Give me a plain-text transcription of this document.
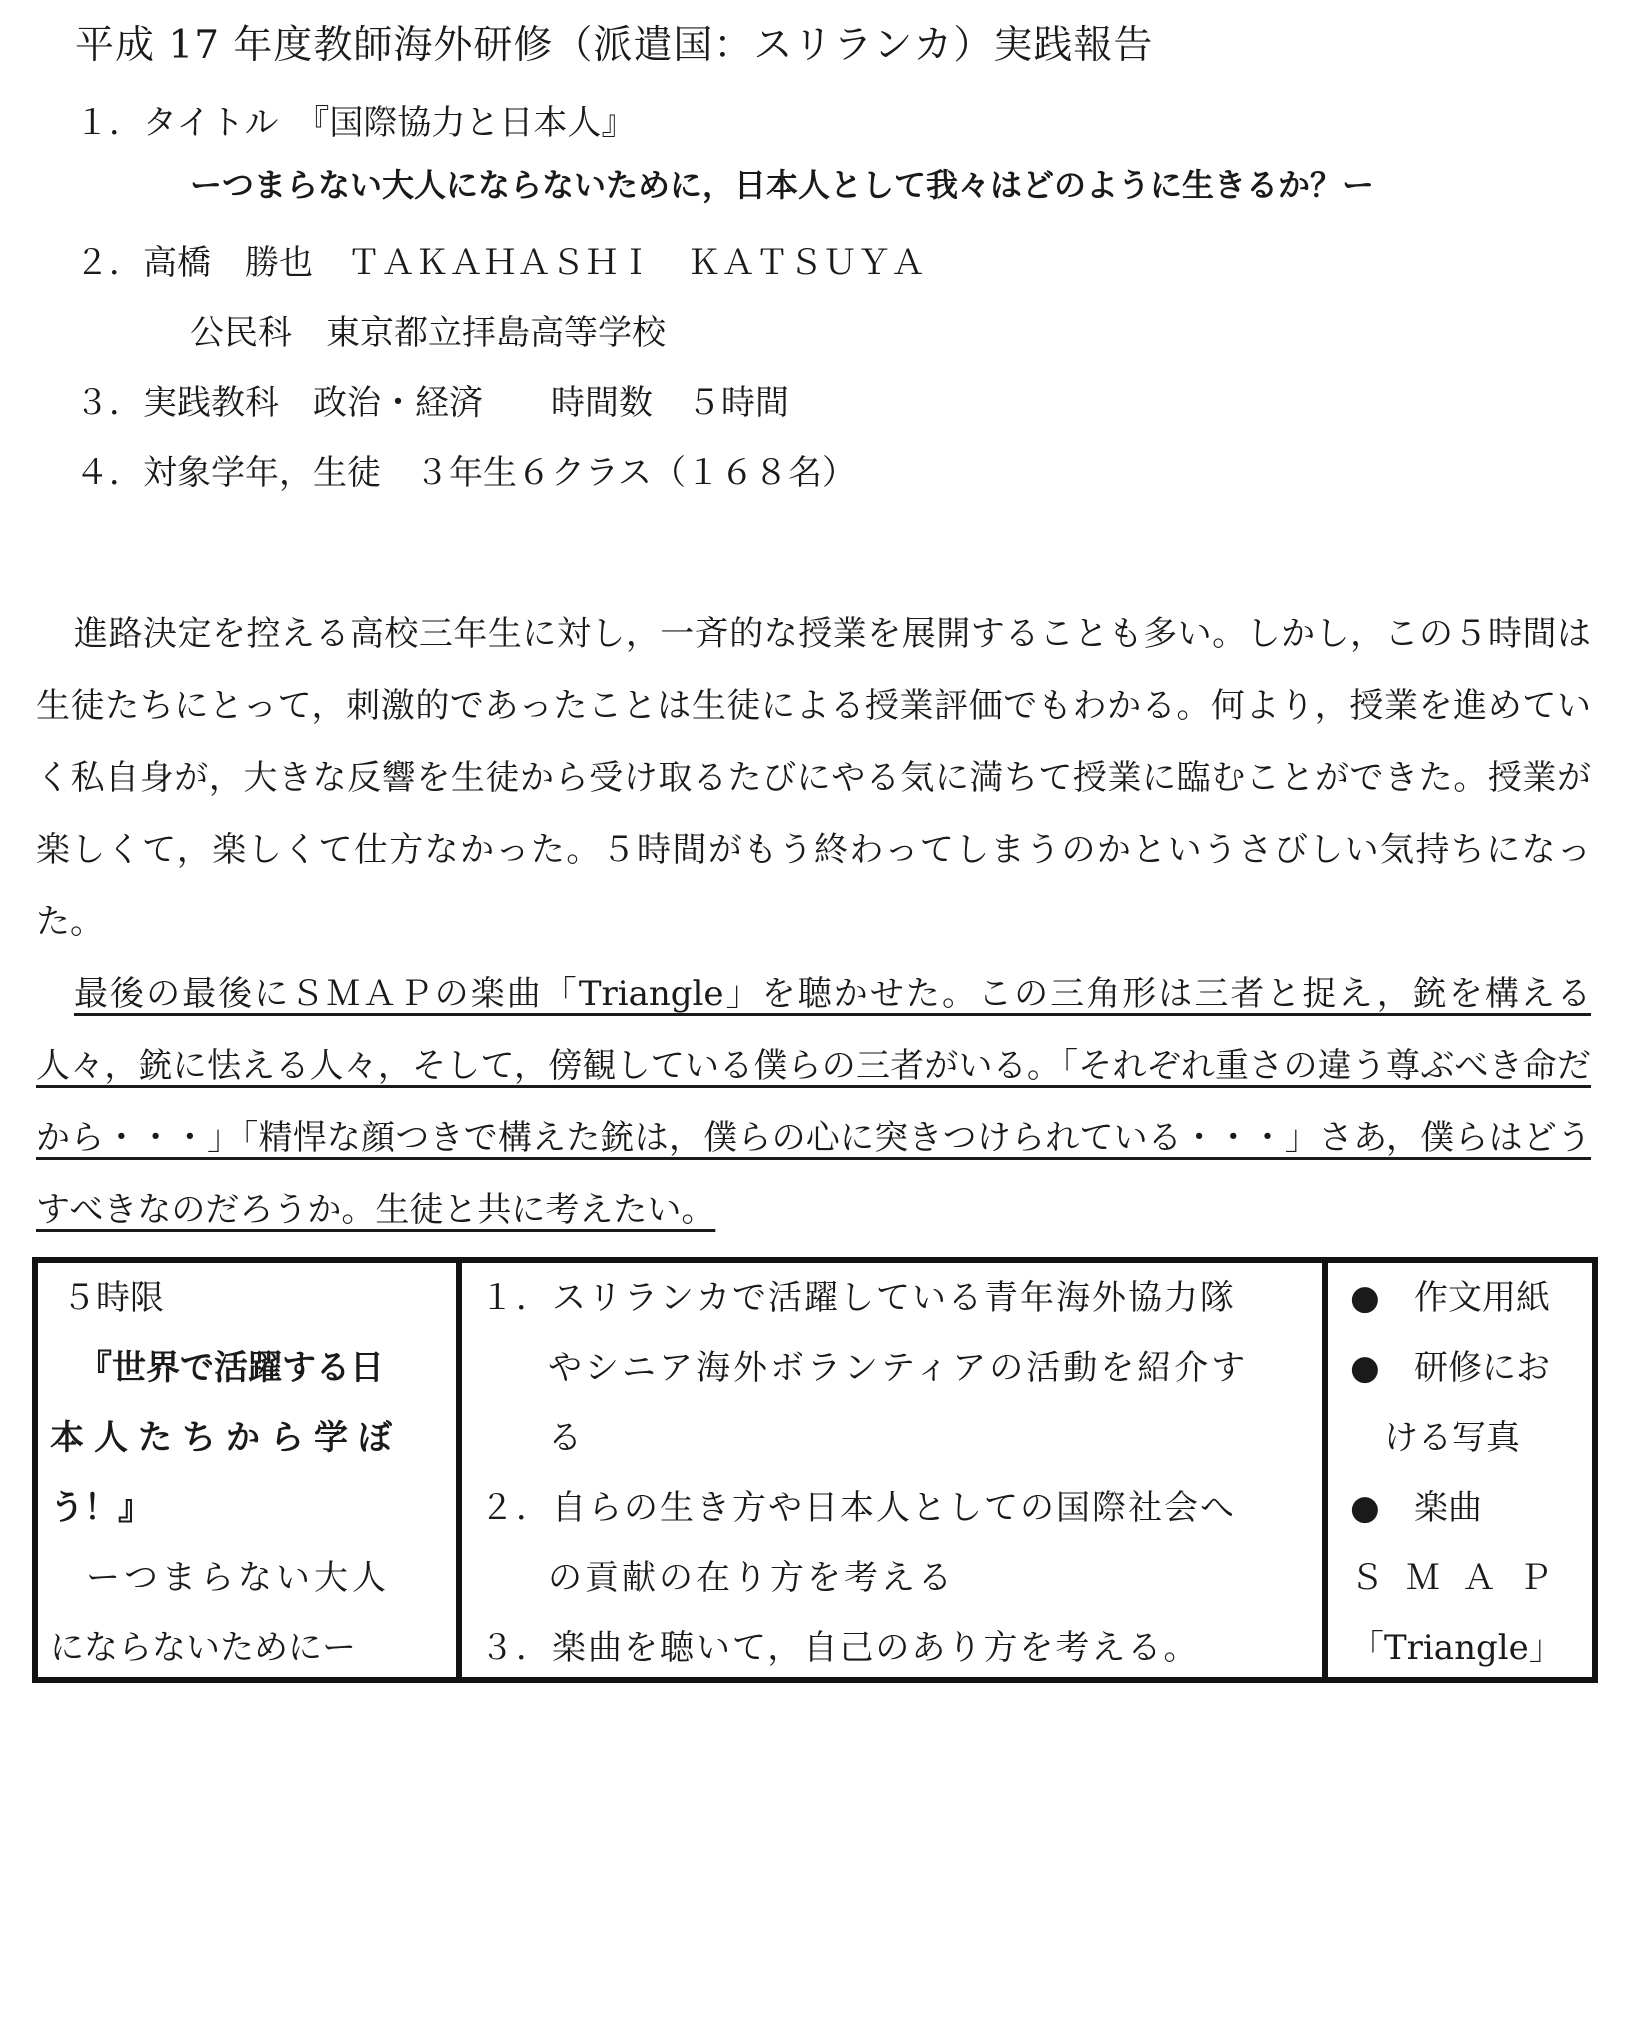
平成 17 年度教師海外研修（派遣国：スリランカ）実践報告
１．タイトル　『国際協力と日本人』
ーつまらない大人にならないために，日本人として我々はどのように生きるか？ー
２．高橋　勝也　ＴＡＫＡＨＡＳＨＩ　ＫＡＴＳＵＹＡ
公民科　東京都立拝島高等学校
３．実践教科　政治・経済　　時間数　５時間
４．対象学年，生徒　３年生６クラス（１６８名）

進路決定を控える高校三年生に対し，一斉的な授業を展開することも多い。しかし，この５時間は生徒たちにとって，刺激的であったことは生徒による授業評価でもわかる。何より，授業を進めていく私自身が，大きな反響を生徒から受け取るたびにやる気に満ちて授業に臨むことができた。授業が楽しくて，楽しくて仕方なかった。５時間がもう終わってしまうのかというさびしい気持ちになった。

最後の最後にＳＭＡＰの楽曲「Triangle」を聴かせた。この三角形は三者と捉え，銃を構える人々，銃に怯える人々，そして，傍観している僕らの三者がいる。「それぞれ重さの違う尊ぶべき命だから・・・」「精悍な顔つきで構えた銃は，僕らの心に突きつけられている・・・」さあ，僕らはどうすべきなのだろうか。生徒と共に考えたい。

５時限
『世界で活躍する日
本人たちから学ぼ
う！』
ーつまらない大人
にならないためにー
１．スリランカで活躍している青年海外協力隊
やシニア海外ボランティアの活動を紹介す
る
２．自らの生き方や日本人としての国際社会へ
の貢献の在り方を考える
３．楽曲を聴いて，自己のあり方を考える。
● 作文用紙
● 研修にお
ける写真
● 楽曲
ＳＭＡＰ
「Triangle」
